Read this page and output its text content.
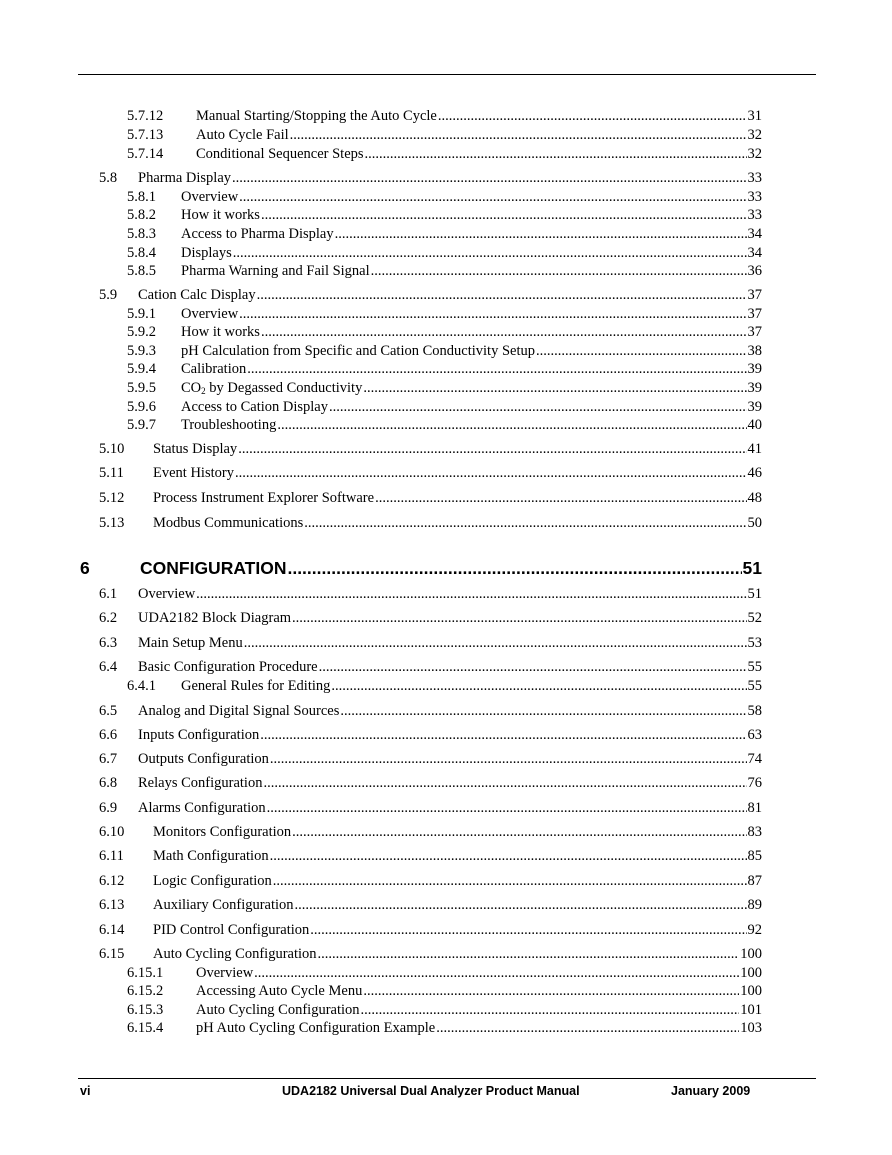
5.7.12	Manual Starting/Stopping the Auto Cycle .....	31
5.7.13	Auto Cycle Fail .....	32
5.7.14	Conditional Sequencer Steps .....	32
5.8	Pharma Display .....	33
5.8.1	Overview .....	33
5.8.2	How it works .....	33
5.8.3	Access to Pharma Display .....	34
5.8.4	Displays .....	34
5.8.5	Pharma Warning and Fail Signal .....	36
5.9	Cation Calc Display .....	37
5.9.1	Overview .....	37
5.9.2	How it works .....	37
5.9.3	pH Calculation from Specific and Cation Conductivity Setup .....	38
5.9.4	Calibration .....	39
5.9.5	$CO_2$ by Degassed Conductivity .....	39
5.9.6	Access to Cation Display .....	39
5.9.7	Troubleshooting .....	40
5.10	Status Display .....	41
5.11	Event History .....	46
5.12	Process Instrument Explorer Software .....	48
5.13	Modbus Communications .....	50
6	CONFIGURATION .....	51
6.1	Overview .....	51
6.2	UDA2182 Block Diagram .....	52
6.3	Main Setup Menu .....	53
6.4	Basic Configuration Procedure .....	55
6.4.1	General Rules for Editing .....	55
6.5	Analog and Digital Signal Sources .....	58
6.6	Inputs Configuration .....	63
6.7	Outputs Configuration .....	74
6.8	Relays Configuration .....	76
6.9	Alarms Configuration .....	81
6.10	Monitors Configuration .....	83
6.11	Math Configuration .....	85
6.12	Logic Configuration .....	87
6.13	Auxiliary Configuration .....	89
6.14	PID Control Configuration .....	92
6.15	Auto Cycling Configuration .....	100
6.15.1	Overview .....	100
6.15.2	Accessing Auto Cycle Menu .....	100
6.15.3	Auto Cycling Configuration .....	101
6.15.4	pH Auto Cycling Configuration Example .....	103
vi	UDA2182 Universal Dual Analyzer Product Manual	January 2009
